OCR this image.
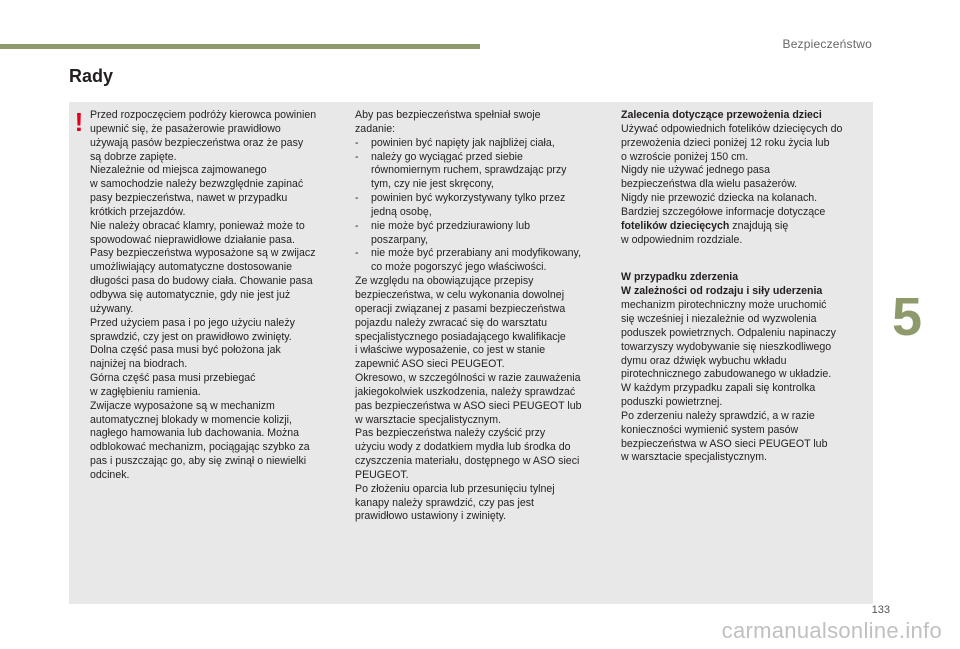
Bezpieczeństwo
Rady
! Przed rozpoczęciem podróży kierowca powinien
upewnić się, że pasażerowie prawidłowo
używają pasów bezpieczeństwa oraz że pasy
są dobrze zapięte.
Niezależnie od miejsca zajmowanego
w samochodzie należy bezwzględnie zapinać
pasy bezpieczeństwa, nawet w przypadku
krótkich przejazdów.
Nie należy obracać klamry, ponieważ może to
spowodować nieprawidłowe działanie pasa.
Pasy bezpieczeństwa wyposażone są w zwijacz
umożliwiający automatyczne dostosowanie
długości pasa do budowy ciała. Chowanie pasa
odbywa się automatycznie, gdy nie jest już
używany.
Przed użyciem pasa i po jego użyciu należy
sprawdzić, czy jest on prawidłowo zwinięty.
Dolna część pasa musi być położona jak
najniżej na biodrach.
Górna część pasa musi przebiegać
w zagłębieniu ramienia.
Zwijacze wyposażone są w mechanizm
automatycznej blokady w momencie kolizji,
nagłego hamowania lub dachowania. Można
odblokować mechanizm, pociągając szybko za
pas i puszczając go, aby się zwinął o niewielki
odcinek.

Aby pas bezpieczeństwa spełniał swoje
zadanie:

-	powinien być napięty jak najbliżej ciała,

-	należy go wyciągać przed siebie
równomiernym ruchem, sprawdzając przy
tym, czy nie jest skręcony,

-	powinien być wykorzystywany tylko przez
jedną osobę,

-	nie może być przedziurawiony lub
poszarpany,

-	nie może być przerabiany ani modyfikowany,
co może pogorszyć jego właściwości.

Ze względu na obowiązujące przepisy
bezpieczeństwa, w celu wykonania dowolnej
operacji związanej z pasami bezpieczeństwa
pojazdu należy zwracać się do warsztatu
specjalistycznego posiadającego kwalifikacje
i właściwe wyposażenie, co jest w stanie
zapewnić ASO sieci PEUGEOT.
Okresowo, w szczególności w razie zauważenia
jakiegokolwiek uszkodzenia, należy sprawdzać
pas bezpieczeństwa w ASO sieci PEUGEOT lub
w warsztacie specjalistycznym.
Pas bezpieczeństwa należy czyścić przy
użyciu wody z dodatkiem mydła lub środka do
czyszczenia materiału, dostępnego w ASO sieci
PEUGEOT.
Po złożeniu oparcia lub przesunięciu tylnej
kanapy należy sprawdzić, czy pas jest
prawidłowo ustawiony i zwinięty.

Zalecenia dotyczące przewożenia dzieci

Używać odpowiednich fotelików dziecięcych do
przewożenia dzieci poniżej 12 roku życia lub
o wzroście poniżej 150 cm.
Nigdy nie używać jednego pasa
bezpieczeństwa dla wielu pasażerów.
Nigdy nie przewozić dziecka na kolanach.
Bardziej szczegółowe informacje dotyczące

fotelików dziecięcych znajdują się

w odpowiednim rozdziale.

W przypadku zderzenia

W zależności od rodzaju i siły uderzenia

mechanizm pirotechniczny może uruchomić
się wcześniej i niezależnie od wyzwolenia
poduszek powietrznych. Odpaleniu napinaczy
towarzyszy wydobywanie się nieszkodliwego
dymu oraz dźwięk wybuchu wkładu
pirotechnicznego zabudowanego w układzie.
W każdym przypadku zapali się kontrolka
poduszki powietrznej.
Po zderzeniu należy sprawdzić, a w razie
konieczności wymienić system pasów
bezpieczeństwa w ASO sieci PEUGEOT lub
w warsztacie specjalistycznym.

5
133
carmanualsonline.info
